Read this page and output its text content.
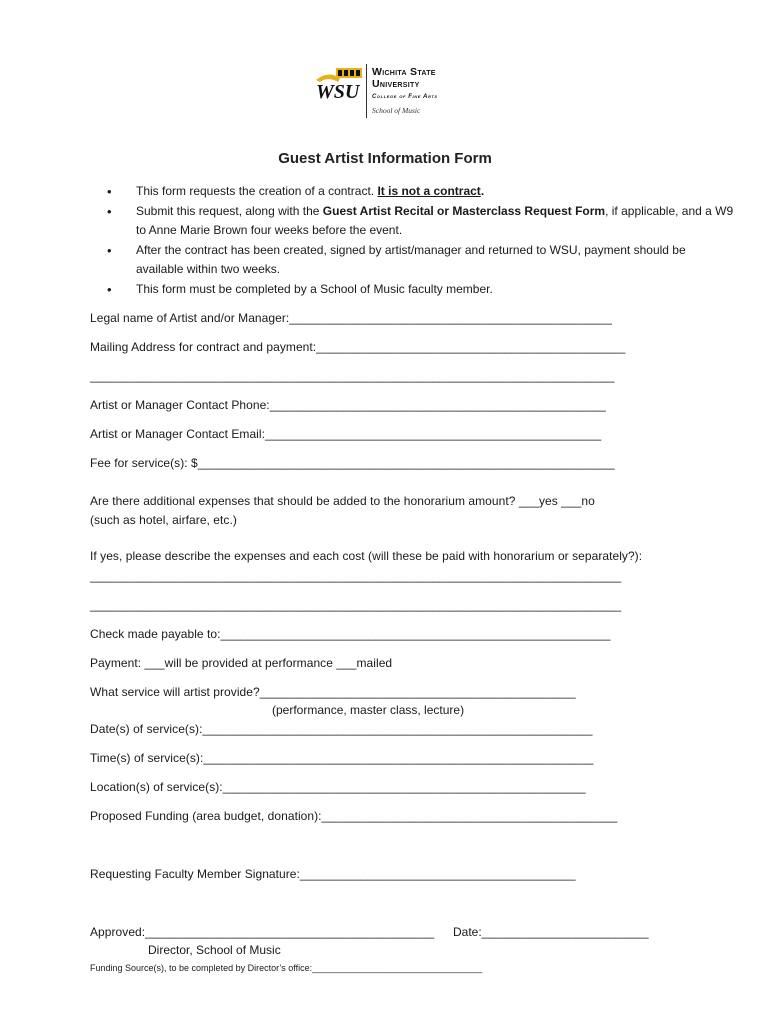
WSU
Wichita State
University
College of Fine Arts
School of Music
Guest Artist Information Form
• This form requests the creation of a contract. It is not a contract.
• Submit this request, along with the Guest Artist Recital or Masterclass Request Form, if applicable, and a W9 to Anne Marie Brown four weeks before the event.
• After the contract has been created, signed by artist/manager and returned to WSU, payment should be available within two weeks.
• This form must be completed by a School of Music faculty member.
Legal name of Artist and/or Manager:________________________________________________
Mailing Address for contract and payment:______________________________________________
______________________________________________________________________________
Artist or Manager Contact Phone:__________________________________________________
Artist or Manager Contact Email:__________________________________________________
Fee for service(s): $______________________________________________________________
Are there additional expenses that should be added to the honorarium amount? ___yes ___no
(such as hotel, airfare, etc.)
If yes, please describe the expenses and each cost (will these be paid with honorarium or separately?):
_______________________________________________________________________________
_______________________________________________________________________________
Check made payable to:__________________________________________________________
Payment: ___will be provided at performance ___mailed
What service will artist provide?_______________________________________________
(performance, master class, lecture)
Date(s) of service(s):__________________________________________________________
Time(s) of service(s):__________________________________________________________
Location(s) of service(s):______________________________________________________
Proposed Funding (area budget, donation):____________________________________________
Requesting Faculty Member Signature:_________________________________________
Approved:___________________________________________ Date:_________________________
Director, School of Music
Funding Source(s), to be completed by Director’s office:__________________________________
